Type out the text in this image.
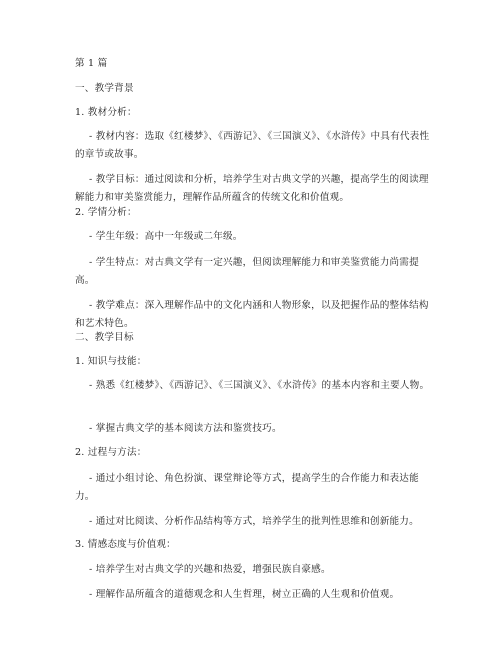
第 1 篇
一、教学背景
1. 教材分析：
- 教材内容：选取《红楼梦》、《西游记》、《三国演义》、《水浒传》中具有代表性的章节或故事。
- 教学目标：通过阅读和分析，培养学生对古典文学的兴趣，提高学生的阅读理解能力和审美鉴赏能力，理解作品所蕴含的传统文化和价值观。
2. 学情分析：
- 学生年级：高中一年级或二年级。
- 学生特点：对古典文学有一定兴趣，但阅读理解能力和审美鉴赏能力尚需提高。
- 教学难点：深入理解作品中的文化内涵和人物形象，以及把握作品的整体结构和艺术特色。
二、教学目标
1. 知识与技能：
- 熟悉《红楼梦》、《西游记》、《三国演义》、《水浒传》的基本内容和主要人物。
- 掌握古典文学的基本阅读方法和鉴赏技巧。
2. 过程与方法：
- 通过小组讨论、角色扮演、课堂辩论等方式，提高学生的合作能力和表达能力。
- 通过对比阅读、分析作品结构等方式，培养学生的批判性思维和创新能力。
3. 情感态度与价值观：
- 培养学生对古典文学的兴趣和热爱，增强民族自豪感。
- 理解作品所蕴含的道德观念和人生哲理，树立正确的人生观和价值观。
